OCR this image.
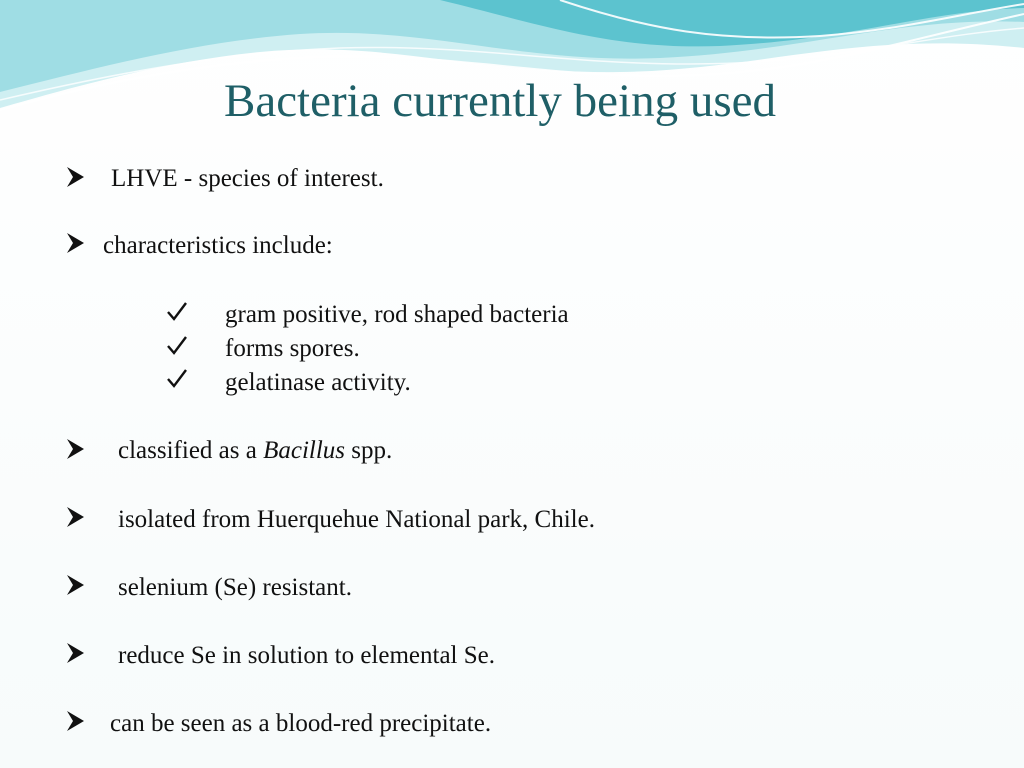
Bacteria currently being used
LHVE - species of interest.
characteristics include:
gram positive, rod shaped bacteria
forms spores.
gelatinase activity.
classified as a Bacillus spp.
isolated from Huerquehue National park, Chile.
selenium (Se) resistant.
reduce Se in solution to elemental Se.
can be seen as a blood-red precipitate.
